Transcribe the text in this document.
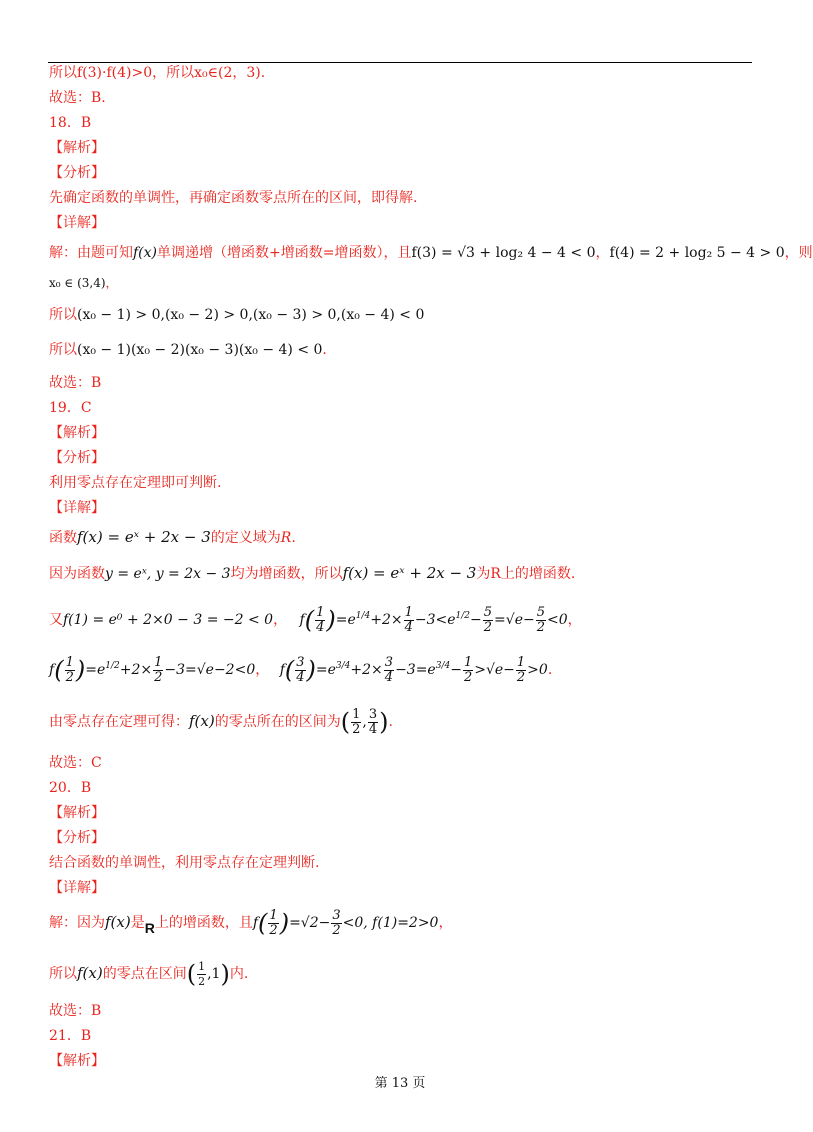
所以f(3)·f(4)>0，所以x₀∈(2，3).
故选：B.
18．B
【解析】
【分析】
先确定函数的单调性，再确定函数零点所在的区间，即得解.
【详解】
解：由题可知f(x)单调递增（增函数+增函数=增函数），且f(3) = √3 + log₂ 4 − 4 < 0，f(4) = 2 + log₂ 5 − 4 > 0，则
x₀ ∈ (3,4)，
所以(x₀ − 1) > 0,(x₀ − 2) > 0,(x₀ − 3) > 0,(x₀ − 4) < 0
所以(x₀ − 1)(x₀ − 2)(x₀ − 3)(x₀ − 4) < 0.
故选：B
19．C
【解析】
【分析】
利用零点存在定理即可判断.
【详解】
函数f(x) = eˣ + 2x − 3的定义域为R.
因为函数y = eˣ, y = 2x − 3均为增函数，所以f(x) = eˣ + 2x − 3为R上的增函数.
又f(1) = e⁰ + 2×0 − 3 = −2 < 0， $f( \frac{1}{4} )=e^{1/4}+2\times \frac{1}{4} -3<e^{1/2}- \frac{5}{2} =√e- \frac{5}{2} <0$，
$f( \frac{1}{2} )=e^{1/2}+2\times \frac{1}{2} -3=√e-2<0$， $f( \frac{3}{4} )=e^{3/4}+2\times \frac{3}{4} -3=e^{3/4}- \frac{1}{2} >√e- \frac{1}{2} >0$.
由零点存在定理可得：f(x)的零点所在的区间为( $\frac{1}{2}$ , $\frac{3}{4}$ ).
故选：C
20．B
【解析】
【分析】
结合函数的单调性，利用零点存在定理判断.
【详解】
解：因为f(x)是R上的增函数，且$f( \frac{1}{2} )=√2- \frac{3}{2} <0$, f(1)=2>0，
所以f(x)的零点在区间( $\frac{1}{2} ,1$)内.
故选：B
21．B
【解析】
第 13 页
